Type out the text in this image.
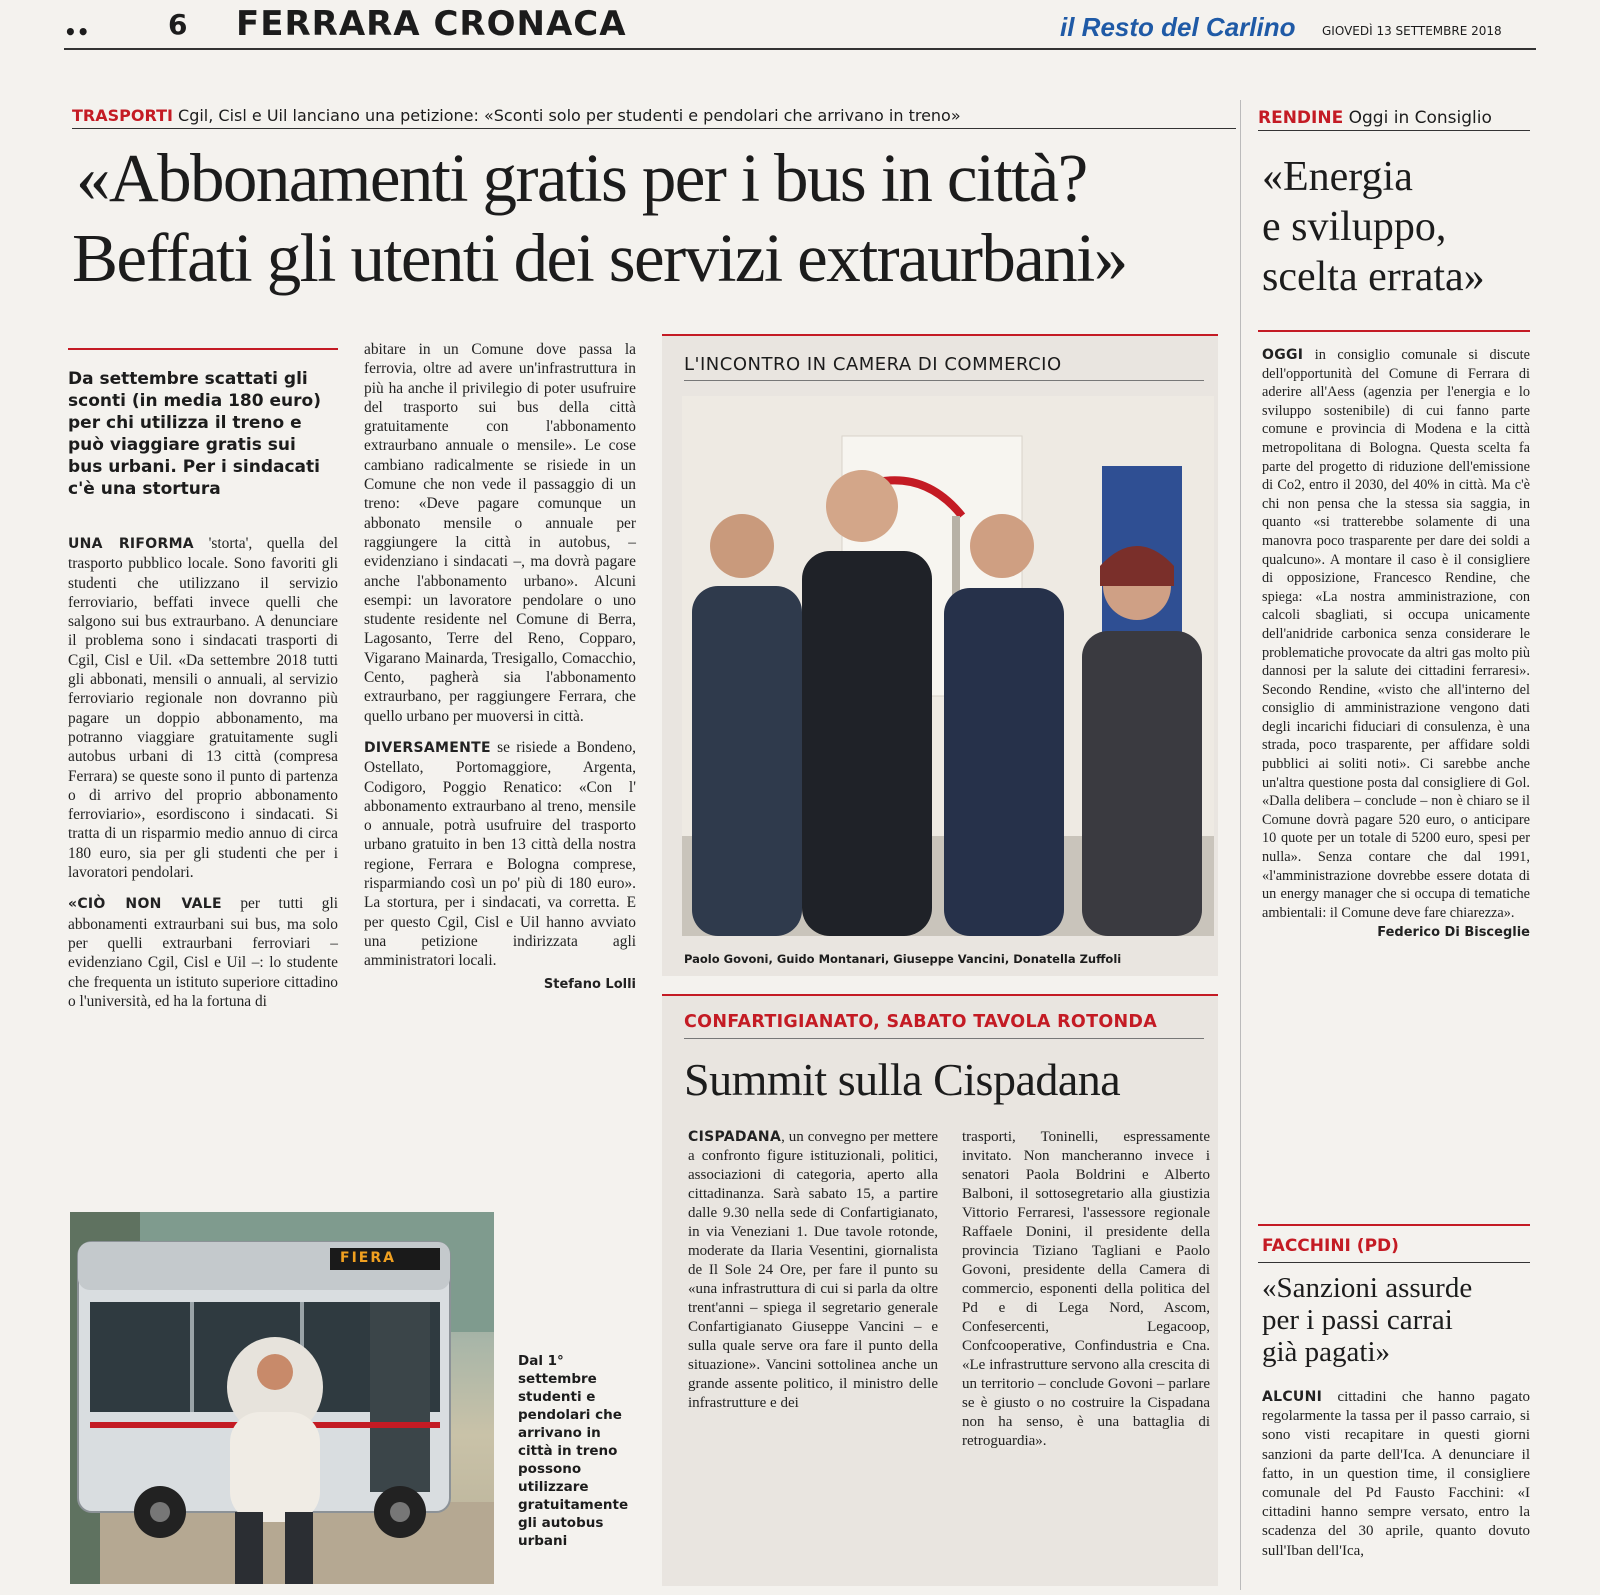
••	6 FERRARA CRONACA	il Resto del Carlino GIOVEDÌ 13 SETTEMBRE 2018
TRASPORTI Cgil, Cisl e Uil lanciano una petizione: «Sconti solo per studenti e pendolari che arrivano in treno»
«Abbonamenti gratis per i bus in città?
Beffati gli utenti dei servizi extraurbani»
Da settembre scattati gli sconti (in media 180 euro) per chi utilizza il treno e può viaggiare gratis sui bus urbani. Per i sindacati c'è una stortura

UNA RIFORMA 'storta', quella del trasporto pubblico locale. Sono favoriti gli studenti che utilizzano il servizio ferroviario, beffati invece quelli che salgono sui bus extraurbano. A denunciare il problema sono i sindacati trasporti di Cgil, Cisl e Uil. «Da settembre 2018 tutti gli abbonati, mensili o annuali, al servizio ferroviario regionale non dovranno più pagare un doppio abbonamento, ma potranno viaggiare gratuitamente sugli autobus urbani di 13 città (compresa Ferrara) se queste sono il punto di partenza o di arrivo del proprio abbonamento ferroviario», esordiscono i sindacati. Si tratta di un risparmio medio annuo di circa 180 euro, sia per gli studenti che per i lavoratori pendolari.

«CIÒ NON VALE per tutti gli abbonamenti extraurbani sui bus, ma solo per quelli extraurbani ferroviari – evidenziano Cgil, Cisl e Uil –: lo studente che frequenta un istituto superiore cittadino o l'università, ed ha la fortuna di

abitare in un Comune dove passa la ferrovia, oltre ad avere un'infrastruttura in più ha anche il privilegio di poter usufruire del trasporto sui bus della città gratuitamente con l'abbonamento extraurbano annuale o mensile». Le cose cambiano radicalmente se risiede in un Comune che non vede il passaggio di un treno: «Deve pagare comunque un abbonato mensile o annuale per raggiungere la città in autobus, – evidenziano i sindacati –, ma dovrà pagare anche l'abbonamento urbano». Alcuni esempi: un lavoratore pendolare o uno studente residente nel Comune di Berra, Lagosanto, Terre del Reno, Copparo, Vigarano Mainarda, Tresigallo, Comacchio, Cento, pagherà sia l'abbonamento extraurbano, per raggiungere Ferrara, che quello urbano per muoversi in città.

DIVERSAMENTE se risiede a Bondeno, Ostellato, Portomaggiore, Argenta, Codigoro, Poggio Renatico: «Con l' abbonamento extraurbano al treno, mensile o annuale, potrà usufruire del trasporto urbano gratuito in ben 13 città della nostra regione, Ferrara e Bologna comprese, risparmiando così un po' più di 180 euro». La stortura, per i sindacati, va corretta. E per questo Cgil, Cisl e Uil hanno avviato una petizione indirizzata agli amministratori locali.

Stefano Lolli
FIERA
Dal 1° settembre studenti e pendolari che arrivano in città in treno possono utilizzare gratuitamente gli autobus urbani
L'INCONTRO IN CAMERA DI COMMERCIO
Paolo Govoni, Guido Montanari, Giuseppe Vancini, Donatella Zuffoli
CONFARTIGIANATO, SABATO TAVOLA ROTONDA
Summit sulla Cispadana
CISPADANA, un convegno per mettere a confronto figure istituzionali, politici, associazioni di categoria, aperto alla cittadinanza. Sarà sabato 15, a partire dalle 9.30 nella sede di Confartigianato, in via Veneziani 1. Due tavole rotonde, moderate da Ilaria Vesentini, giornalista de Il Sole 24 Ore, per fare il punto su «una infrastruttura di cui si parla da oltre trent'anni – spiega il segretario generale Confartigianato Giuseppe Vancini – e sulla quale serve ora fare il punto della situazione». Vancini sottolinea anche un grande assente politico, il ministro delle infrastrutture e dei
trasporti, Toninelli, espressamente invitato. Non mancheranno invece i senatori Paola Boldrini e Alberto Balboni, il sottosegretario alla giustizia Vittorio Ferraresi, l'assessore regionale Raffaele Donini, il presidente della provincia Tiziano Tagliani e Paolo Govoni, presidente della Camera di commercio, esponenti della politica del Pd e di Lega Nord, Ascom, Confesercenti, Legacoop, Confcooperative, Confindustria e Cna. «Le infrastrutture servono alla crescita di un territorio – conclude Govoni – parlare se è giusto o no costruire la Cispadana non ha senso, è una battaglia di retroguardia».
RENDINE Oggi in Consiglio
«Energia
e sviluppo,
scelta errata»
OGGI in consiglio comunale si discute dell'opportunità del Comune di Ferrara di aderire all'Aess (agenzia per l'energia e lo sviluppo sostenibile) di cui fanno parte comune e provincia di Modena e la città metropolitana di Bologna. Questa scelta fa parte del progetto di riduzione dell'emissione di Co2, entro il 2030, del 40% in città. Ma c'è chi non pensa che la stessa sia saggia, in quanto «si tratterebbe solamente di una manovra poco trasparente per dare dei soldi a qualcuno». A montare il caso è il consigliere di opposizione, Francesco Rendine, che spiega: «La nostra amministrazione, con calcoli sbagliati, si occupa unicamente dell'anidride carbonica senza considerare le problematiche provocate da altri gas molto più dannosi per la salute dei cittadini ferraresi». Secondo Rendine, «visto che all'interno del consiglio di amministrazione vengono dati degli incarichi fiduciari di consulenza, è una strada, poco trasparente, per affidare soldi pubblici ai soliti noti». Ci sarebbe anche un'altra questione posta dal consigliere di Gol. «Dalla delibera – conclude – non è chiaro se il Comune dovrà pagare 520 euro, o anticipare 10 quote per un totale di 5200 euro, spesi per nulla». Senza contare che dal 1991, «l'amministrazione dovrebbe essere dotata di un energy manager che si occupa di tematiche ambientali: il Comune deve fare chiarezza».
Federico Di Bisceglie
FACCHINI (PD)
«Sanzioni assurde
per i passi carrai
già pagati»
ALCUNI cittadini che hanno pagato regolarmente la tassa per il passo carraio, si sono visti recapitare in questi giorni sanzioni da parte dell'Ica. A denunciare il fatto, in un question time, il consigliere comunale del Pd Fausto Facchini: «I cittadini hanno sempre versato, entro la scadenza del 30 aprile, quanto dovuto sull'Iban dell'Ica,
